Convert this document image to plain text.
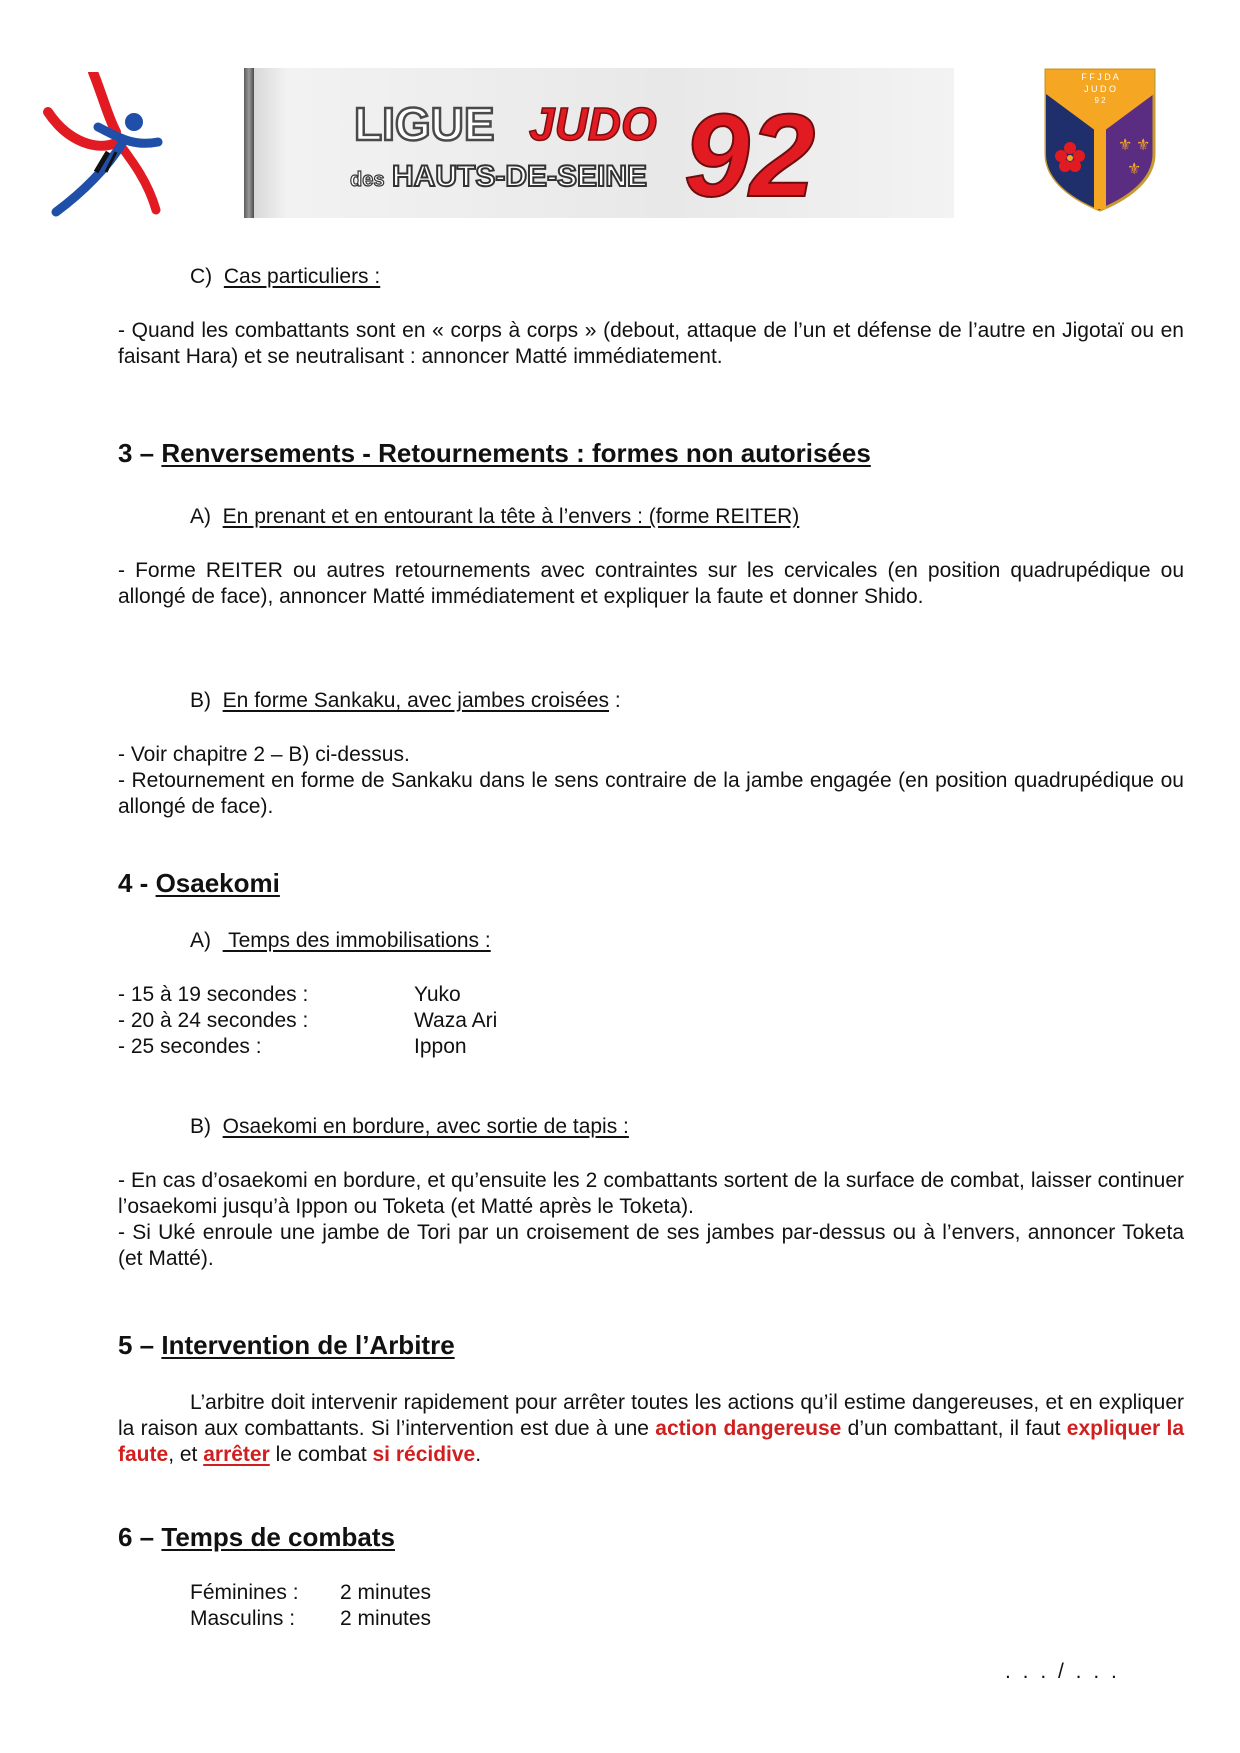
LIGUE JUDO
des HAUTS-DE-SEINE 92
F F J D A
J U D O
9 2
⚜ ⚜
⚜

C) Cas particuliers :

- Quand les combattants sont en « corps à corps » (debout, attaque de l’un et défense de l’autre en Jigotaï ou en faisant Hara) et se neutralisant : annoncer Matté immédiatement.

3 – Renversements - Retournements : formes non autorisées

A) En prenant et en entourant la tête à l’envers : (forme REITER)

- Forme REITER ou autres retournements avec contraintes sur les cervicales (en position quadrupédique ou allongé de face), annoncer Matté immédiatement et expliquer la faute et donner Shido.

B) En forme Sankaku, avec jambes croisées :

- Voir chapitre 2 – B) ci-dessus.

- Retournement en forme de Sankaku dans le sens contraire de la jambe engagée (en position quadrupédique ou allongé de face).

4 - Osaekomi

A)   Temps des immobilisations :

- 15 à 19 secondes :	Yuko

- 20 à 24 secondes :	Waza Ari

- 25 secondes :	Ippon

B) Osaekomi en bordure, avec sortie de tapis :

- En cas d’osaekomi en bordure, et qu’ensuite les 2 combattants sortent de la surface de combat, laisser continuer l’osaekomi jusqu’à Ippon ou Toketa (et Matté après le Toketa).

- Si Uké enroule une jambe de Tori par un croisement de ses jambes par-dessus ou à l’envers, annoncer Toketa (et Matté).

5 – Intervention de l’Arbitre

L’arbitre doit intervenir rapidement pour arrêter toutes les actions qu’il estime dangereuses, et en expliquer la raison aux combattants. Si l’intervention est due à une action dangereuse d’un combattant, il faut expliquer la faute, et arrêter le combat si récidive.

6 – Temps de combats

Féminines : 2 minutes

Masculins : 2 minutes

. . . / . . .
